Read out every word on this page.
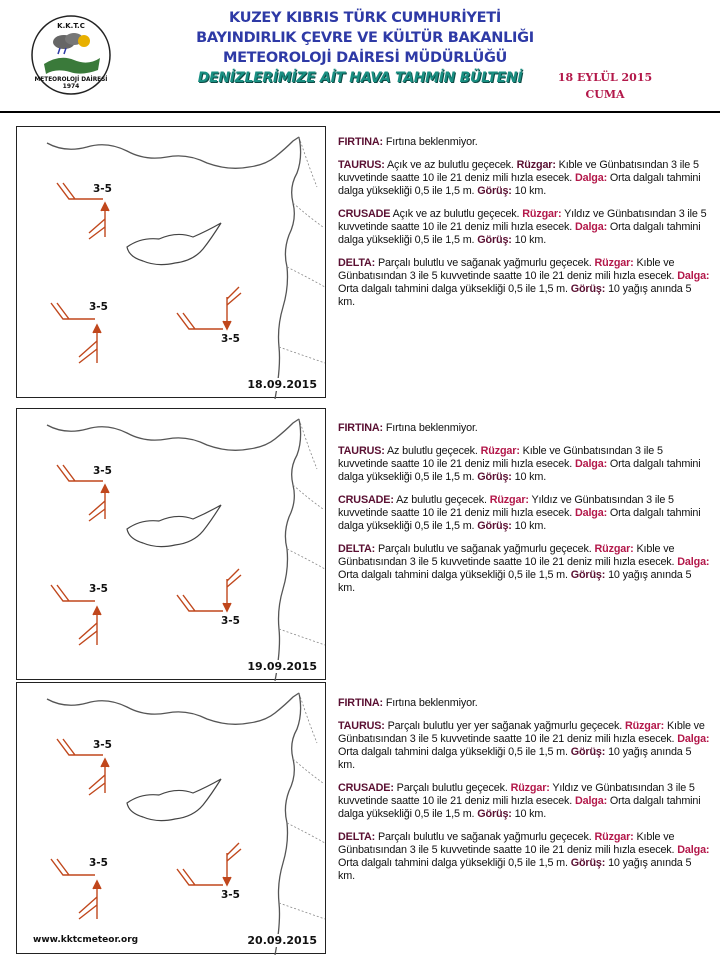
K.K.T.C
METEOROLOJİ DAİRESİ
1974
KUZEY KIBRIS TÜRK CUMHURİYETİ
BAYINDIRLIK ÇEVRE VE KÜLTÜR BAKANLIĞI
METEOROLOJİ DAİRESİ MÜDÜRLÜĞÜ
DENİZLERİMİZE AİT HAVA TAHMİN BÜLTENİ	18 EYLÜL 2015
CUMA
3-5
3-5
3-5
18.09.2015
3-5
3-5
3-5
19.09.2015
3-5
3-5
3-5
20.09.2015
www.kktcmeteor.org

FIRTINA: Fırtına beklenmiyor.

TAURUS: Açık ve az bulutlu geçecek. Rüzgar: Kıble ve Günbatısından 3 ile 5 kuvvetinde saatte 10 ile 21 deniz mili hızla esecek. Dalga: Orta dalgalı tahmini dalga yüksekliği 0,5 ile 1,5 m. Görüş: 10 km.

CRUSADE Açık ve az bulutlu geçecek. Rüzgar: Yıldız ve Günbatısından 3 ile 5 kuvvetinde saatte 10 ile 21 deniz mili hızla esecek. Dalga: Orta dalgalı tahmini dalga yüksekliği 0,5 ile 1,5 m. Görüş: 10 km.

DELTA: Parçalı bulutlu ve sağanak yağmurlu geçecek. Rüzgar: Kıble ve Günbatısından 3 ile 5 kuvvetinde saatte 10 ile 21 deniz mili hızla esecek. Dalga: Orta dalgalı tahmini dalga yüksekliği 0,5 ile 1,5 m. Görüş: 10 yağış anında 5 km.

FIRTINA: Fırtına beklenmiyor.

TAURUS: Az bulutlu geçecek. Rüzgar: Kıble ve Günbatısından 3 ile 5 kuvvetinde saatte 10 ile 21 deniz mili hızla esecek. Dalga: Orta dalgalı tahmini dalga yüksekliği 0,5 ile 1,5 m. Görüş: 10 km.

CRUSADE: Az bulutlu geçecek. Rüzgar: Yıldız ve Günbatısından 3 ile 5 kuvvetinde saatte 10 ile 21 deniz mili hızla esecek. Dalga: Orta dalgalı tahmini dalga yüksekliği 0,5 ile 1,5 m. Görüş: 10 km.

DELTA: Parçalı bulutlu ve sağanak yağmurlu geçecek. Rüzgar: Kıble ve Günbatısından 3 ile 5 kuvvetinde saatte 10 ile 21 deniz mili hızla esecek. Dalga: Orta dalgalı tahmini dalga yüksekliği 0,5 ile 1,5 m. Görüş: 10 yağış anında 5 km.

FIRTINA: Fırtına beklenmiyor.

TAURUS: Parçalı bulutlu yer yer sağanak yağmurlu geçecek. Rüzgar: Kıble ve Günbatısından 3 ile 5 kuvvetinde saatte 10 ile 21 deniz mili hızla esecek. Dalga: Orta dalgalı tahmini dalga yüksekliği 0,5 ile 1,5 m. Görüş: 10 yağış anında 5 km.

CRUSADE: Parçalı bulutlu geçecek. Rüzgar: Yıldız ve Günbatısından 3 ile 5 kuvvetinde saatte 10 ile 21 deniz mili hızla esecek. Dalga: Orta dalgalı tahmini dalga yüksekliği 0,5 ile 1,5 m. Görüş: 10 km.

DELTA: Parçalı bulutlu ve sağanak yağmurlu geçecek. Rüzgar: Kıble ve Günbatısından 3 ile 5 kuvvetinde saatte 10 ile 21 deniz mili hızla esecek. Dalga: Orta dalgalı tahmini dalga yüksekliği 0,5 ile 1,5 m. Görüş: 10 yağış anında 5 km.
